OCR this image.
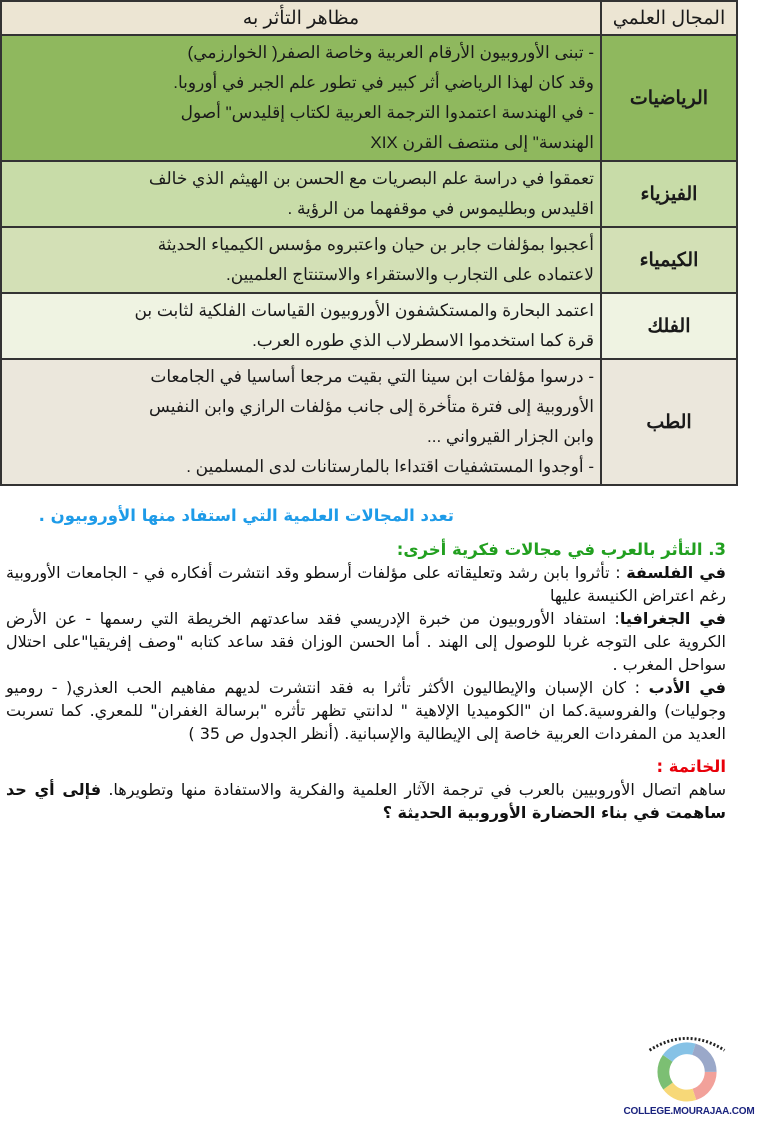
المجال العلمي	مظاهر التأثر به
الرياضيات	- تبنى الأوروبيون الأرقام العربية وخاصة الصفر( الخوارزمي)
وقد كان لهذا الرياضي أثر كبير في تطور علم الجبر في أوروبا.
- في الهندسة اعتمدوا الترجمة العربية لكتاب إقليدس" أصول
الهندسة" إلى منتصف القرن XIX

الفيزياء	تعمقوا في دراسة علم البصريات مع الحسن بن الهيثم الذي خالف
اقليدس وبطليموس في موقفهما من الرؤية .

الكيمياء	أعجبوا بمؤلفات جابر بن حيان واعتبروه مؤسس الكيمياء الحديثة
لاعتماده على التجارب والاستقراء والاستنتاج العلميين.

الفلك	اعتمد البحارة والمستكشفون الأوروبيون القياسات الفلكية لثابت بن
قرة كما استخدموا الاسطرلاب الذي طوره العرب.

الطب	- درسوا مؤلفات ابن سينا التي بقيت مرجعا أساسيا في الجامعات
الأوروبية إلى فترة متأخرة إلى جانب مؤلفات الرازي وابن النفيس
وابن الجزار القيرواني ...
- أوجدوا المستشفيات اقتداءا بالمارستانات لدى المسلمين .
تعدد المجالات العلمية التي استفاد منها الأوروبيون .
3. التأثر بالعرب في مجالات فكرية أخرى:
في الفلسفة : تأثروا بابن رشد وتعليقاته على مؤلفات أرسطو وقد انتشرت أفكاره في - الجامعات الأوروبية رغم اعتراض الكنيسة عليها
في الجغرافيا: استفاد الأوروبيون من خبرة الإدريسي فقد ساعدتهم الخريطة التي رسمها - عن الأرض الكروية على التوجه غربا للوصول إلى الهند . أما الحسن الوزان فقد ساعد كتابه "وصف إفريقيا"على احتلال سواحل المغرب .
في الأدب : كان الإسبان والإيطاليون الأكثر تأثرا به فقد انتشرت لديهم مفاهيم الحب العذري( - روميو وجوليات) والفروسية.كما ان "الكوميديا الإلاهية " لدانتي تظهر تأثره "برسالة الغفران" للمعري. كما تسربت العديد من المفردات العربية خاصة إلى الإيطالية والإسبانية. (أنظر الجدول ص 35 )
الخاتمة :
ساهم اتصال الأوروبيين بالعرب في ترجمة الآثار العلمية والفكرية والاستفادة منها وتطويرها. فإلى أي حد ساهمت في بناء الحضارة الأوروبية الحديثة ؟
COLLEGE.MOURAJAA.COM
